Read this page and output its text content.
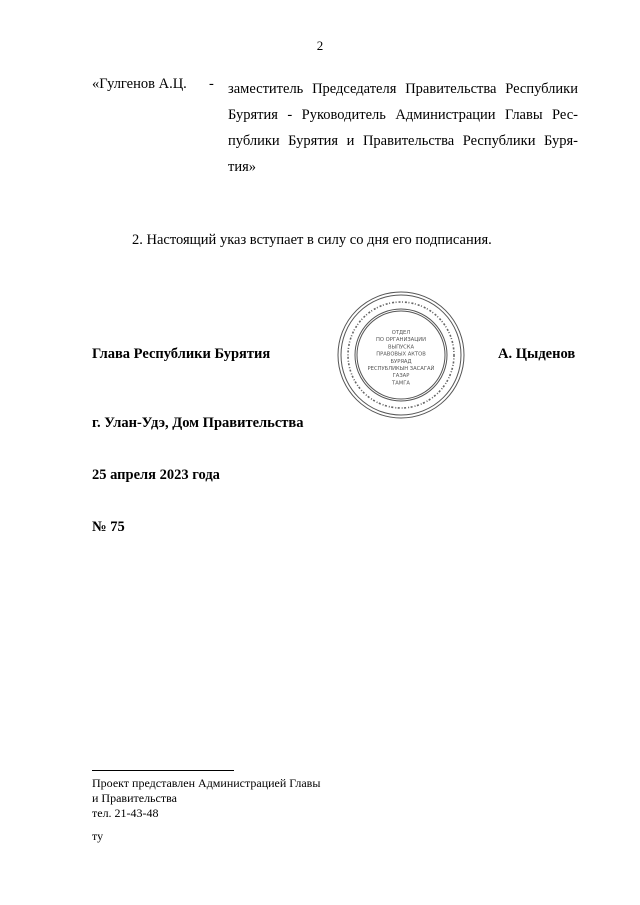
2
«Гулгенов А.Ц. - заместитель Председателя Правительства Республики
Бурятия - Руководитель Администрации Главы Рес-
публики Бурятия и Правительства Республики Буря-
тия»
2. Настоящий указ вступает в силу со дня его подписания.
Глава Республики Бурятия	А. Цыденов
ОТДЕЛ
ПО ОРГАНИЗАЦИИ
ВЫПУСКА
ПРАВОВЫХ АКТОВ
БУРЯАД
РЕСПУБЛИКЫН ЗАСАГАЙ
ГАЗАР
ТАМГА
г. Улан-Удэ, Дом Правительства
25 апреля 2023 года
№ 75
Проект представлен Администрацией Главы
и Правительства
тел. 21-43-48
ту
